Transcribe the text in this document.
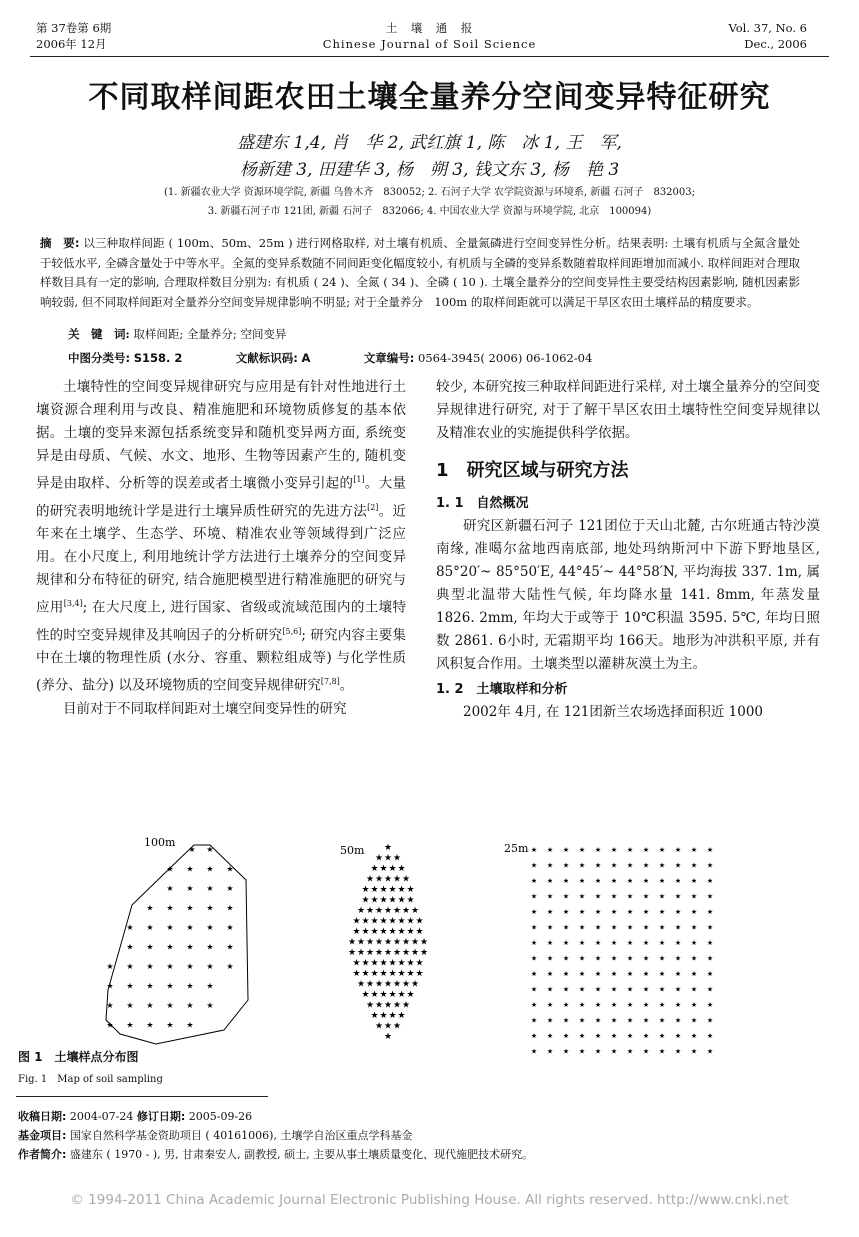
第 37卷第 6期
2006年 12月
土　壤　通　报
Chinese Journal of Soil Science
Vol. 37, No. 6
Dec., 2006
不同取样间距农田土壤全量养分空间变异特征研究
盛建东 1,4, 肖　华 2, 武红旗 1, 陈　冰 1, 王　军,
杨新建 3, 田建华 3, 杨　朔 3, 钱文东 3, 杨　艳 3
(1. 新疆农业大学 资源环境学院, 新疆 乌鲁木齐　830052; 2. 石河子大学 农学院资源与环境系, 新疆 石河子　832003;
3. 新疆石河子市 121团, 新疆 石河子　832066; 4. 中国农业大学 资源与环境学院, 北京　100094)
摘　要: 以三种取样间距 ( 100m、50m、25m ) 进行网格取样, 对土壤有机质、全量氮磷进行空间变异性分析。结果表明: 土壤有机质与全氮含量处于较低水平, 全磷含量处于中等水平。全氮的变异系数随不同间距变化幅度较小, 有机质与全磷的变异系数随着取样间距增加而减小. 取样间距对合理取样数目具有一定的影响, 合理取样数目分别为: 有机质 ( 24 )、全氮 ( 34 )、全磷 ( 10 ). 土壤全量养分的空间变异性主要受结构因素影响, 随机因素影响较弱, 但不同取样间距对全量养分空间变异规律影响不明显; 对于全量养分　100m 的取样间距就可以满足干旱区农田土壤样品的精度要求。
关　键　词: 取样间距; 全量养分; 空间变异
中图分类号: S158. 2	文献标识码: A	文章编号: 0564-3945( 2006) 06-1062-04
土壤特性的空间变异规律研究与应用是有针对性地进行土壤资源合理利用与改良、精准施肥和环境物质修复的基本依据。土壤的变异来源包括系统变异和随机变异两方面, 系统变异是由母质、气候、水文、地形、生物等因素产生的, 随机变异是由取样、分析等的误差或者土壤微小变异引起的[1]。大量的研究表明地统计学是进行土壤异质性研究的先进方法[2]。近年来在土壤学、生态学、环境、精准农业等领域得到广泛应用。在小尺度上, 利用地统计学方法进行土壤养分的空间变异规律和分布特征的研究, 结合施肥模型进行精准施肥的研究与应用[3,4]; 在大尺度上, 进行国家、省级或流域范围内的土壤特性的时空变异规律及其响因子的分析研究[5,6]; 研究内容主要集中在土壤的物理性质 (水分、容重、颗粒组成等) 与化学性质 (养分、盐分) 以及环境物质的空间变异规律研究[7,8]。
目前对于不同取样间距对土壤空间变异性的研究
较少, 本研究按三种取样间距进行采样, 对土壤全量养分的空间变异规律进行研究, 对于了解干旱区农田土壤特性空间变异规律以及精准农业的实施提供科学依据。
1　研究区域与研究方法
1. 1　自然概况
研究区新疆石河子 121团位于天山北麓, 古尔班通古特沙漠南缘, 准噶尔盆地西南底部, 地处玛纳斯河中下游下野地垦区, 85°20′~ 85°50′E, 44°45′~ 44°58′N, 平均海拔 337. 1m, 属典型北温带大陆性气候, 年均降水量 141. 8mm, 年蒸发量 1826. 2mm, 年均大于或等于 10℃积温 3595. 5℃, 年均日照数 2861. 6小时, 无霜期平均 166天。地形为冲洪积平原, 并有风积复合作用。土壤类型以灌耕灰漠土为主。
1. 2　土壤取样和分析
2002年 4月, 在 121团新兰农场选择面积近 1000
100m
★ ★
★ ★ ★ ★
★ ★ ★ ★
★ ★ ★ ★ ★
★ ★ ★ ★ ★ ★
★ ★ ★ ★ ★ ★
★ ★ ★ ★ ★ ★ ★
★ ★ ★ ★ ★ ★
★ ★ ★ ★ ★ ★
★ ★ ★ ★ ★
50m ★
★ ★ ★
★ ★ ★ ★
★ ★ ★ ★ ★
★ ★ ★ ★ ★ ★
★ ★ ★ ★ ★ ★
★ ★ ★ ★ ★ ★ ★
★ ★ ★ ★ ★ ★ ★ ★
★ ★ ★ ★ ★ ★ ★ ★
★ ★ ★ ★ ★ ★ ★ ★ ★
★ ★ ★ ★ ★ ★ ★ ★ ★
★ ★ ★ ★ ★ ★ ★ ★
★ ★ ★ ★ ★ ★ ★ ★
★ ★ ★ ★ ★ ★ ★
★ ★ ★ ★ ★ ★
★ ★ ★ ★ ★
★ ★ ★ ★
★ ★ ★
★
25m ★ ★ ★ ★ ★ ★ ★ ★ ★ ★ ★ ★
★ ★ ★ ★ ★ ★ ★ ★ ★ ★ ★ ★
★ ★ ★ ★ ★ ★ ★ ★ ★ ★ ★ ★
★ ★ ★ ★ ★ ★ ★ ★ ★ ★ ★ ★
★ ★ ★ ★ ★ ★ ★ ★ ★ ★ ★ ★
★ ★ ★ ★ ★ ★ ★ ★ ★ ★ ★ ★
★ ★ ★ ★ ★ ★ ★ ★ ★ ★ ★ ★
★ ★ ★ ★ ★ ★ ★ ★ ★ ★ ★ ★
★ ★ ★ ★ ★ ★ ★ ★ ★ ★ ★ ★
★ ★ ★ ★ ★ ★ ★ ★ ★ ★ ★ ★
★ ★ ★ ★ ★ ★ ★ ★ ★ ★ ★ ★
★ ★ ★ ★ ★ ★ ★ ★ ★ ★ ★ ★
★ ★ ★ ★ ★ ★ ★ ★ ★ ★ ★ ★
★ ★ ★ ★ ★ ★ ★ ★ ★ ★ ★ ★
图 1　土壤样点分布图
Fig. 1　Map of soil sampling
收稿日期: 2004-07-24 修订日期: 2005-09-26
基金项目: 国家自然科学基金资助项目 ( 40161006), 土壤学自治区重点学科基金
作者简介: 盛建东 ( 1970 - ), 男, 甘肃秦安人, 副教授, 硕士, 主要从事土壤质量变化、现代施肥技术研究。
© 1994-2011 China Academic Journal Electronic Publishing House. All rights reserved. http://www.cnki.net
